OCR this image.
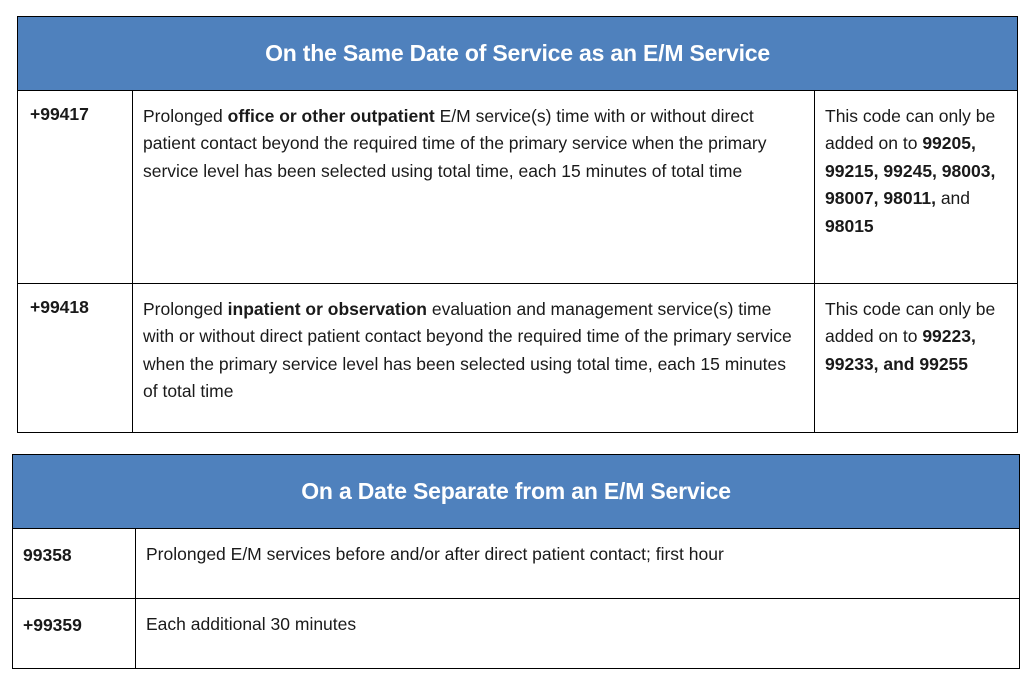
On the Same Date of Service as an E/M Service		

+99417	Prolonged office or other outpatient E/M service(s) time with or without direct patient contact beyond the required time of the primary service when the primary service level has been selected using total time, each 15 minutes of total time	This code can only be added on to 99205, 99215, 99245, 98003, 98007, 98011, and 98015

+99418	Prolonged inpatient or observation evaluation and management service(s) time with or without direct patient contact beyond the required time of the primary service when the primary service level has been selected using total time, each 15 minutes of total time	This code can only be added on to 99223, 99233, and 99255
On a Date Separate from an E/M Service	

99358	Prolonged E/M services before and/or after direct patient contact; first hour

+99359	Each additional 30 minutes
